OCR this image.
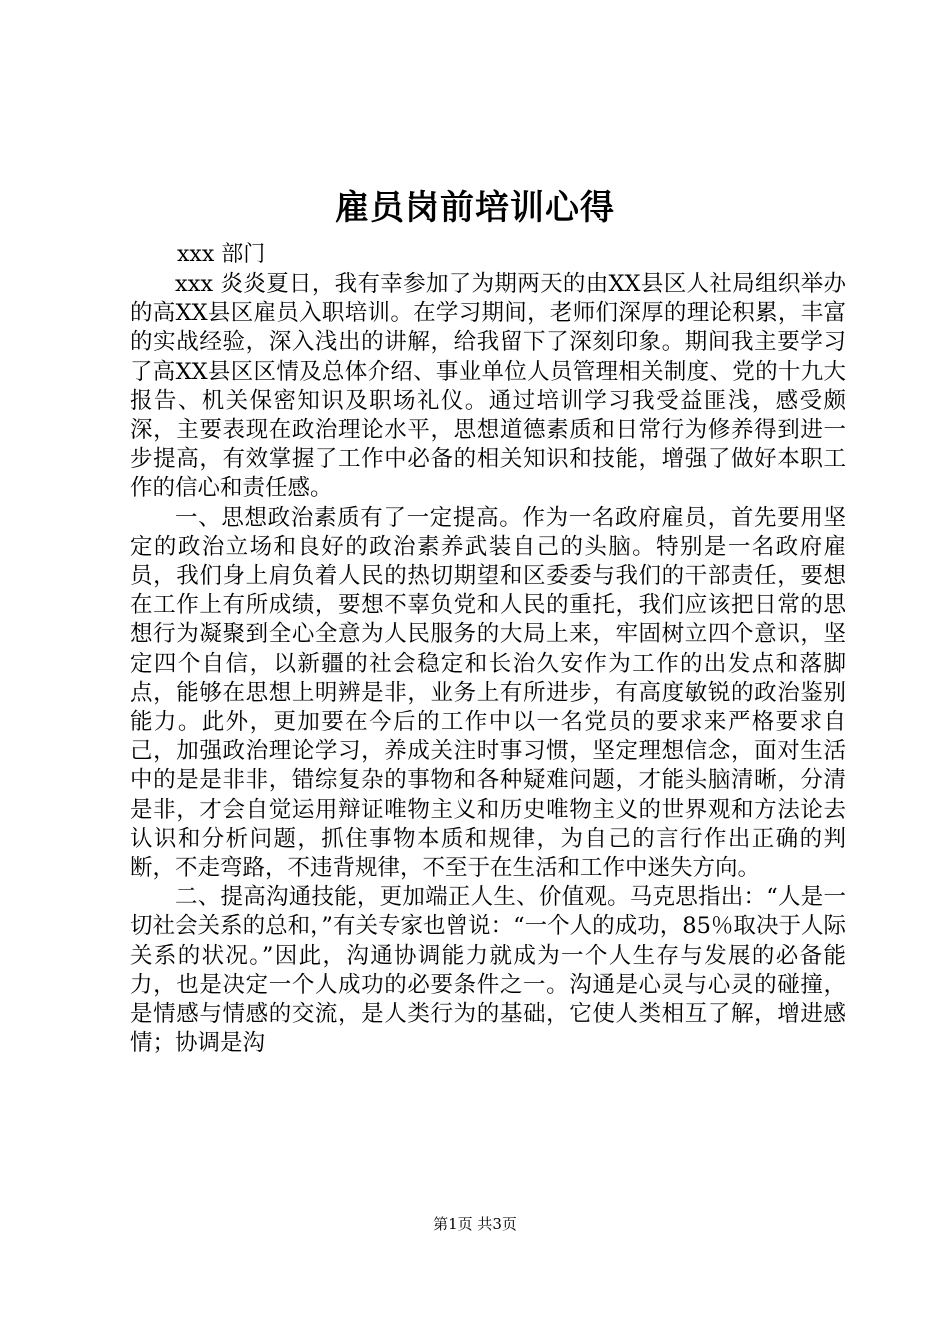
雇员岗前培训心得
xxx 部门

xxx 炎炎夏日，我有幸参加了为期两天的由XX县区人社局组织举办的高XX县区雇员入职培训。在学习期间，老师们深厚的理论积累，丰富的实战经验，深入浅出的讲解，给我留下了深刻印象。期间我主要学习了高XX县区区情及总体介绍、事业单位人员管理相关制度、党的十九大报告、机关保密知识及职场礼仪。通过培训学习我受益匪浅，感受颇深，主要表现在政治理论水平，思想道德素质和日常行为修养得到进一步提高，有效掌握了工作中必备的相关知识和技能，增强了做好本职工作的信心和责任感。

一、思想政治素质有了一定提高。作为一名政府雇员，首先要用坚定的政治立场和良好的政治素养武装自己的头脑。特别是一名政府雇员，我们身上肩负着人民的热切期望和区委委与我们的干部责任，要想在工作上有所成绩，要想不辜负党和人民的重托，我们应该把日常的思想行为凝聚到全心全意为人民服务的大局上来，牢固树立四个意识，坚定四个自信，以新疆的社会稳定和长治久安作为工作的出发点和落脚点，能够在思想上明辨是非，业务上有所进步，有高度敏锐的政治鉴别能力。此外，更加要在今后的工作中以一名党员的要求来严格要求自己，加强政治理论学习，养成关注时事习惯，坚定理想信念，面对生活中的是是非非，错综复杂的事物和各种疑难问题，才能头脑清晰，分清是非，才会自觉运用辩证唯物主义和历史唯物主义的世界观和方法论去认识和分析问题，抓住事物本质和规律，为自己的言行作出正确的判断，不走弯路，不违背规律，不至于在生活和工作中迷失方向。

二、提高沟通技能，更加端正人生、价值观。马克思指出：“人是一切社会关系的总和，”有关专家也曾说：“一个人的成功，85％取决于人际关系的状况。”因此，沟通协调能力就成为一个人生存与发展的必备能力，也是决定一个人成功的必要条件之一。沟通是心灵与心灵的碰撞，是情感与情感的交流，是人类行为的基础，它使人类相互了解，增进感情；协调是沟

第1页 共3页
